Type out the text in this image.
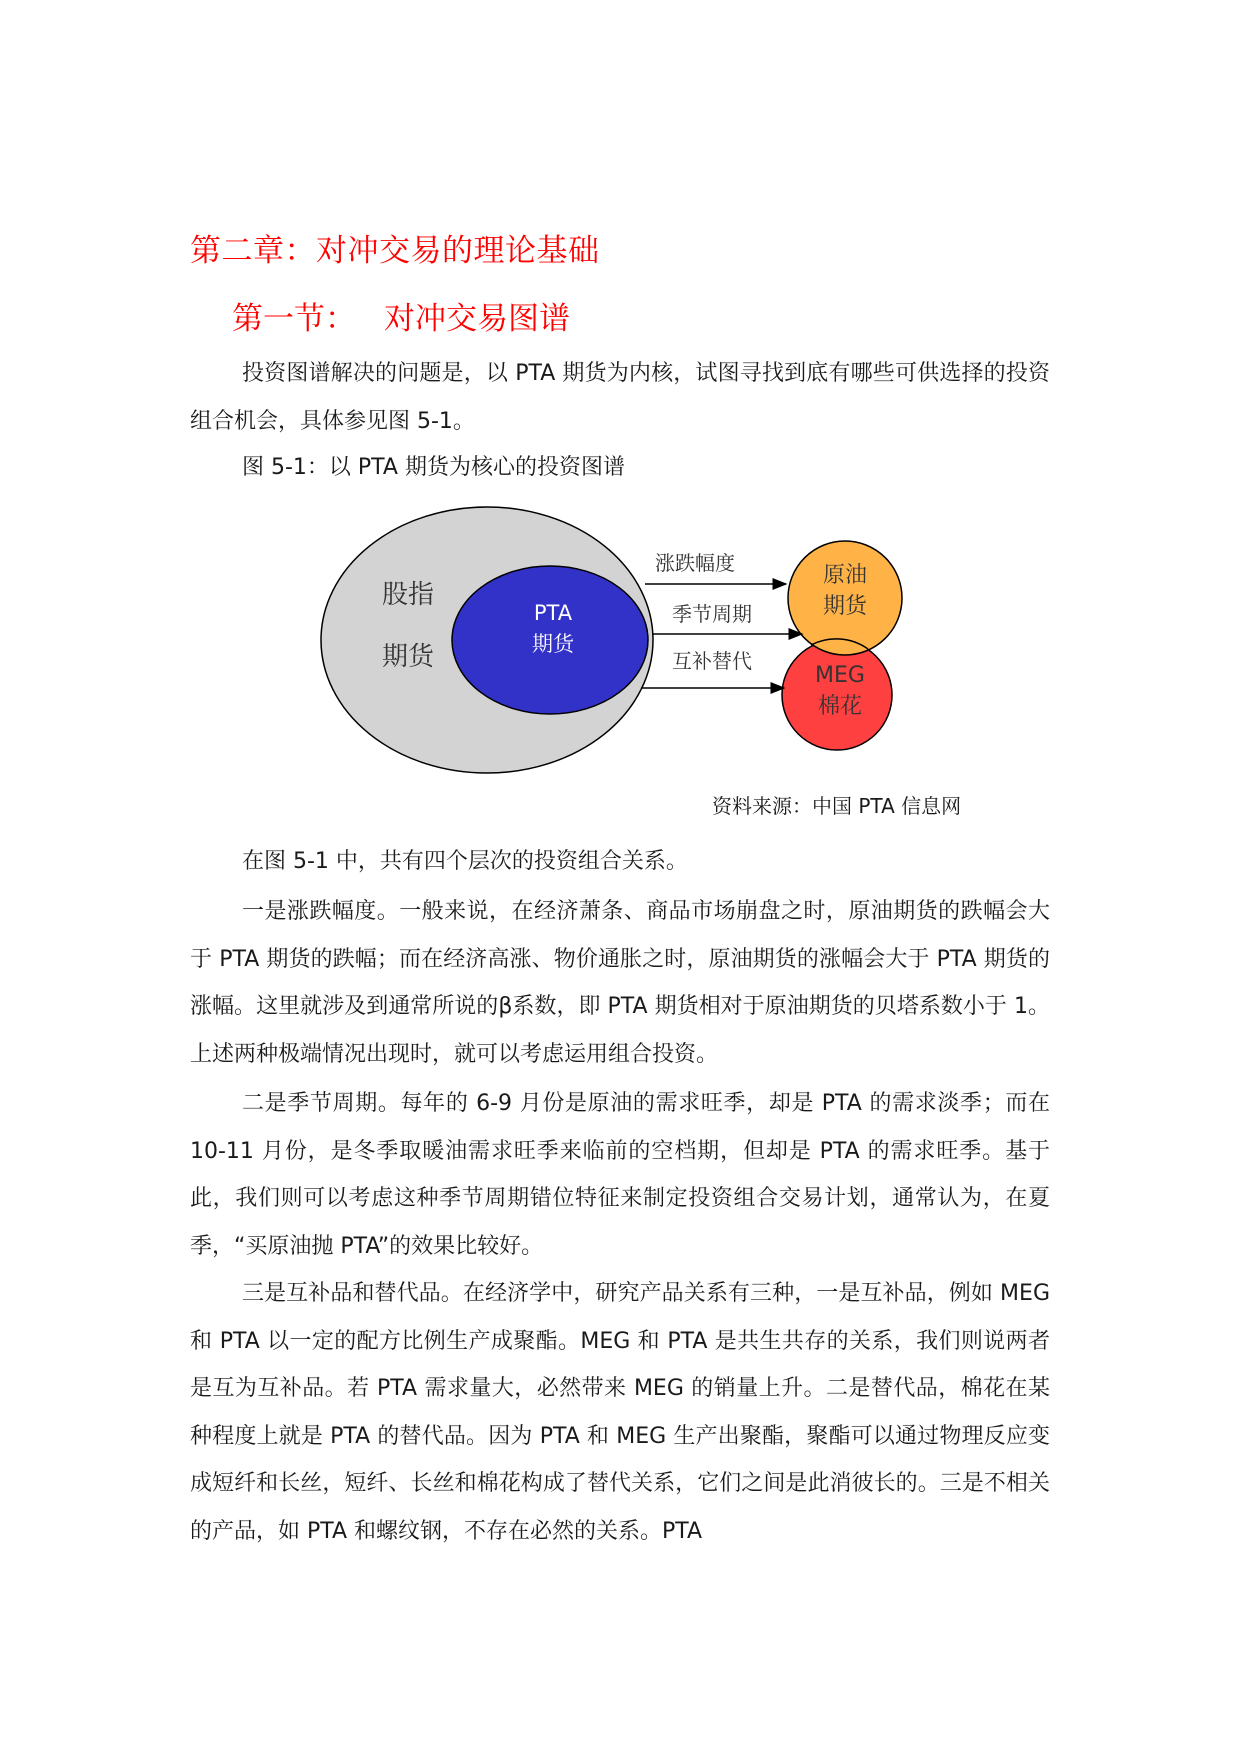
第二章：对冲交易的理论基础
第一节： 对冲交易图谱

投资图谱解决的问题是，以 PTA 期货为内核，试图寻找到底有哪些可供选择的投资组合机会，具体参见图 5-1。

图 5-1：以 PTA 期货为核心的投资图谱
股指
期货
PTA
期货
涨跌幅度
季节周期
互补替代
原油
期货
MEG
棉花
资料来源：中国 PTA 信息网

在图 5-1 中，共有四个层次的投资组合关系。

一是涨跌幅度。一般来说，在经济萧条、商品市场崩盘之时，原油期货的跌幅会大于 PTA 期货的跌幅；而在经济高涨、物价通胀之时，原油期货的涨幅会大于 PTA 期货的涨幅。这里就涉及到通常所说的β系数，即 PTA 期货相对于原油期货的贝塔系数小于 1。上述两种极端情况出现时，就可以考虑运用组合投资。

二是季节周期。每年的 6-9 月份是原油的需求旺季，却是 PTA 的需求淡季；而在 10-11 月份，是冬季取暖油需求旺季来临前的空档期，但却是 PTA 的需求旺季。基于此，我们则可以考虑这种季节周期错位特征来制定投资组合交易计划，通常认为，在夏季，“买原油抛 PTA”的效果比较好。

三是互补品和替代品。在经济学中，研究产品关系有三种，一是互补品，例如 MEG 和 PTA 以一定的配方比例生产成聚酯。MEG 和 PTA 是共生共存的关系，我们则说两者是互为互补品。若 PTA 需求量大，必然带来 MEG 的销量上升。二是替代品，棉花在某种程度上就是 PTA 的替代品。因为 PTA 和 MEG 生产出聚酯，聚酯可以通过物理反应变成短纤和长丝，短纤、长丝和棉花构成了替代关系，它们之间是此消彼长的。三是不相关的产品，如 PTA 和螺纹钢，不存在必然的关系。PTA
